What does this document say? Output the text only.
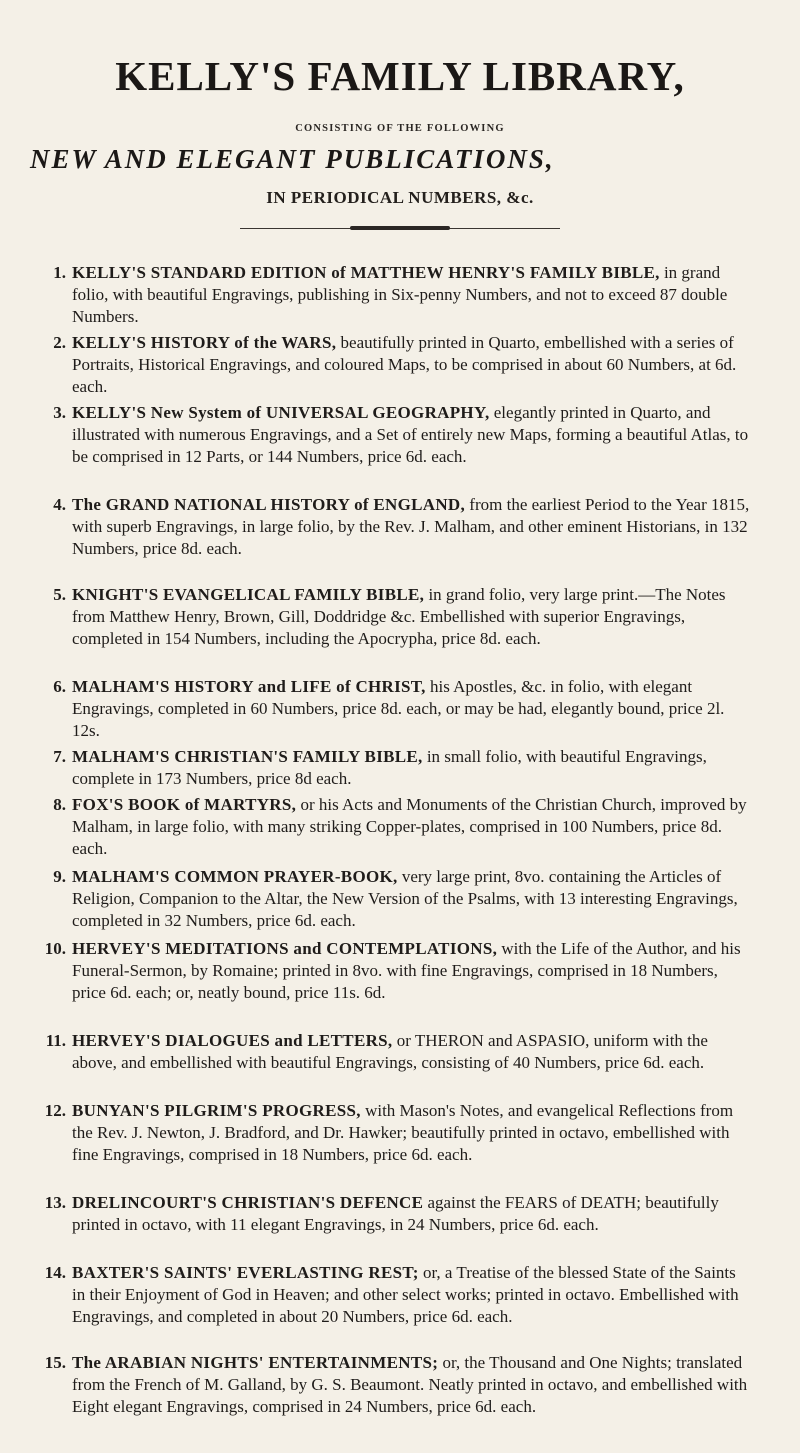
KELLY'S FAMILY LIBRARY,
CONSISTING OF THE FOLLOWING
NEW AND ELEGANT PUBLICATIONS,
IN PERIODICAL NUMBERS, &c.
1. KELLY'S STANDARD EDITION of MATTHEW HENRY'S FAMILY BIBLE, in grand folio, with beautiful Engravings, publishing in Six-penny Numbers, and not to exceed 87 double Numbers.
2. KELLY'S HISTORY of the WARS, beautifully printed in Quarto, embellished with a series of Portraits, Historical Engravings, and coloured Maps, to be comprised in about 60 Numbers, at 6d. each.
3. KELLY'S New System of UNIVERSAL GEOGRAPHY, elegantly printed in Quarto, and illustrated with numerous Engravings, and a Set of entirely new Maps, forming a beautiful Atlas, to be comprised in 12 Parts, or 144 Numbers, price 6d. each.
4. The GRAND NATIONAL HISTORY of ENGLAND, from the earliest Period to the Year 1815, with superb Engravings, in large folio, by the Rev. J. Malham, and other eminent Historians, in 132 Numbers, price 8d. each.
5. KNIGHT'S EVANGELICAL FAMILY BIBLE, in grand folio, very large print.—The Notes from Matthew Henry, Brown, Gill, Doddridge &c. Embellished with superior Engravings, completed in 154 Numbers, including the Apocrypha, price 8d. each.
6. MALHAM'S HISTORY and LIFE of CHRIST, his Apostles, &c. in folio, with elegant Engravings, completed in 60 Numbers, price 8d. each, or may be had, elegantly bound, price 2l. 12s.
7. MALHAM'S CHRISTIAN'S FAMILY BIBLE, in small folio, with beautiful Engravings, complete in 173 Numbers, price 8d each.
8. FOX'S BOOK of MARTYRS, or his Acts and Monuments of the Christian Church, improved by Malham, in large folio, with many striking Copper-plates, comprised in 100 Numbers, price 8d. each.
9. MALHAM'S COMMON PRAYER-BOOK, very large print, 8vo. containing the Articles of Religion, Companion to the Altar, the New Version of the Psalms, with 13 interesting Engravings, completed in 32 Numbers, price 6d. each.
10. HERVEY'S MEDITATIONS and CONTEMPLATIONS, with the Life of the Author, and his Funeral-Sermon, by Romaine; printed in 8vo. with fine Engravings, comprised in 18 Numbers, price 6d. each; or, neatly bound, price 11s. 6d.
11. HERVEY'S DIALOGUES and LETTERS, or THERON and ASPASIO, uniform with the above, and embellished with beautiful Engravings, consisting of 40 Numbers, price 6d. each.
12. BUNYAN'S PILGRIM'S PROGRESS, with Mason's Notes, and evangelical Reflections from the Rev. J. Newton, J. Bradford, and Dr. Hawker; beautifully printed in octavo, embellished with fine Engravings, comprised in 18 Numbers, price 6d. each.
13. DRELINCOURT'S CHRISTIAN'S DEFENCE against the FEARS of DEATH; beautifully printed in octavo, with 11 elegant Engravings, in 24 Numbers, price 6d. each.
14. BAXTER'S SAINTS' EVERLASTING REST; or, a Treatise of the blessed State of the Saints in their Enjoyment of God in Heaven; and other select works; printed in octavo. Embellished with Engravings, and completed in about 20 Numbers, price 6d. each.
15. The ARABIAN NIGHTS' ENTERTAINMENTS; or, the Thousand and One Nights; translated from the French of M. Galland, by G. S. Beaumont. Neatly printed in octavo, and embellished with Eight elegant Engravings, comprised in 24 Numbers, price 6d. each.
